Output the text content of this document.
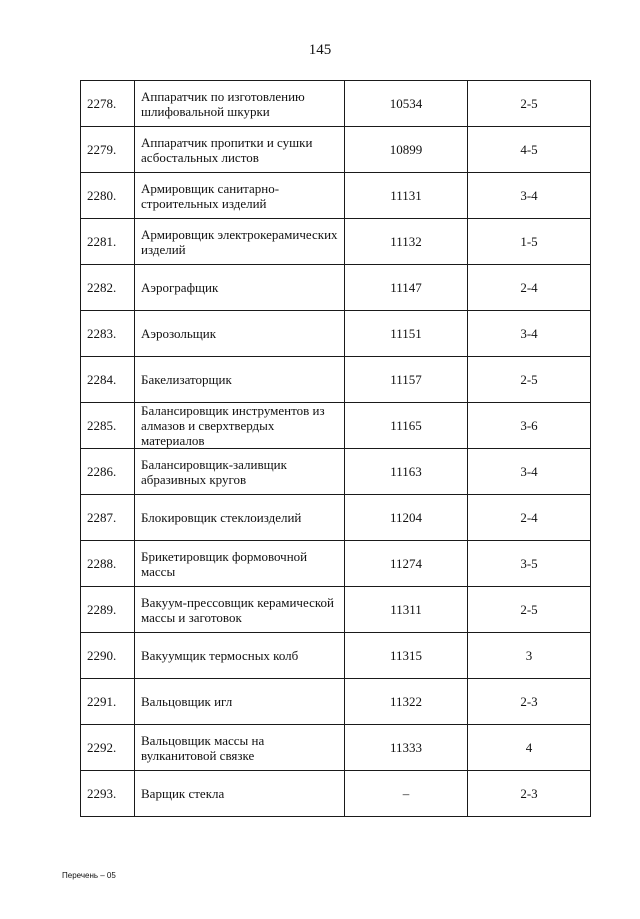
145
2278.	Аппаратчик по изготовлению шлифовальной шкурки	10534	2-5
2279.	Аппаратчик пропитки и сушки асбостальных листов	10899	4-5
2280.	Армировщик санитарно-строительных изделий	11131	3-4
2281.	Армировщик электрокерамических изделий	11132	1-5
2282.	Аэрографщик	11147	2-4
2283.	Аэрозольщик	11151	3-4
2284.	Бакелизаторщик	11157	2-5
2285.	Балансировщик инструментов из алмазов и сверхтвердых материалов	11165	3-6
2286.	Балансировщик-заливщик абразивных кругов	11163	3-4
2287.	Блокировщик стеклоизделий	11204	2-4
2288.	Брикетировщик формовочной массы	11274	3-5
2289.	Вакуум-прессовщик керамической массы и заготовок	11311	2-5
2290.	Вакуумщик термосных колб	11315	3
2291.	Вальцовщик игл	11322	2-3
2292.	Вальцовщик массы на вулканитовой связке	11333	4
2293.	Варщик стекла	–	2-3
Перечень – 05
